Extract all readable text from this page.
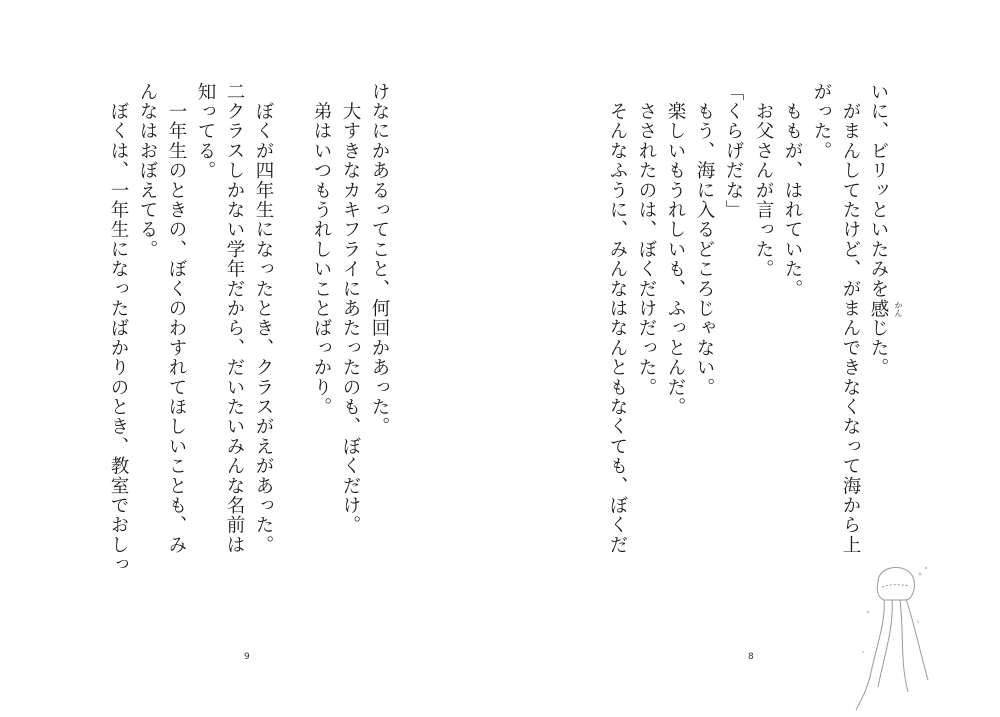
いに、ビリッといたみを感 かん
じた。
　がまんしてたけど、がまんできなくなって海から上
がった。
　ももが、はれていた。
　お父さんが言った。
「くらげだな」
　もう、海に入るどころじゃない。
　楽しいもうれしいも、ふっとんだ。
　さされたのは、ぼくだけだった。
　そんなふうに、みんなはなんともなくても、ぼくだ
8
けなにかあるってこと、何回かあった。
　大すきなカキフライにあたったのも、ぼくだけ。
　弟はいつもうれしいことばっかり。
　ぼくが四年生になったとき、クラスがえがあった。
二クラスしかない学年だから、だいたいみんな名前は
知ってる。
　一年生のときの、ぼくのわすれてほしいことも、み
んなはおぼえてる。
　ぼくは、一年生になったばかりのとき、教室でおしっ
9
